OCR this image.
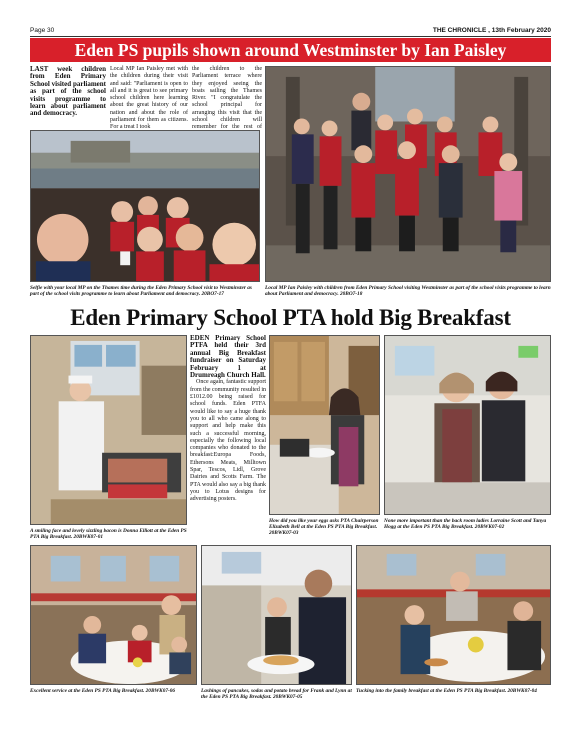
Page 30	THE CHRONICLE , 13th February 2020
Eden PS pupils shown around Westminster by Ian Paisley
LAST week children from Eden Primary School visited parliament as part of the school visits programme to learn about parliament and democracy.
Local MP Ian Paisley met with the children during their visit and said: "Parliament is open to all and it is great to see primary school children here learning about the great history of our nation and about the role of parliament for them as citizens. For a treat I took
the children to the Parliament terrace where they enjoyed seeing the boats sailing the Thames River. "I congratulate the school principal for arranging this visit that the school children will remember for the rest of
Selfie with your local MP on the Thames time during the Eden Primary School visit to Westminster as part of the school visits programme to learn about Parliament and democracy. 20BO7-17
Local MP Ian Paisley with children from Eden Primary School visiting Westminster as part of the school visits programme to learn about Parliament and democracy. 20BO7-18
Eden Primary School PTA hold Big Breakfast

EDEN Primary School PTFA held their 3rd annual Big Breakfast fundraiser on Saturday February 1 at Drumreagh Church Hall.

Once again, fantastic support from the community resulted in £1012.00 being raised for school funds. Eden PTFA would like to say a huge thank you to all who came along to support and help make this such a successful morning, especially the following local companies who donated to the breakfast:Europa Foods, Ethersons Meats, Milltown Spar, Tescos, Lidl, Grove Dairies and Scotts Farm. The PTA would also say a big thank you to Lotus designs for advertising posters.

A smiling face and lovely sizzling bacon is Donna Elliott at the Eden PS PTA Big Breakfast. 20BWK07-01
How did you like your eggs asks PTA Chairperson Elizabeth Bell at the Eden PS PTA Big Breakfast. 20BWK07-03
None more important than the back room ladies Lorraine Scott and Tanya Hogg at the Eden PS PTA Big Breakfast. 20BWK07-02
Excellent service at the Eden PS PTA Big Breakfast. 20BWK07-06	Lashings of pancakes, sodas and potato bread for Frank and Lynn at the Eden PS PTA Big Breakfast. 20BWK07-05
Tucking into the family breakfast at the Eden PS PTA Big Breakfast. 20BWK07-04
